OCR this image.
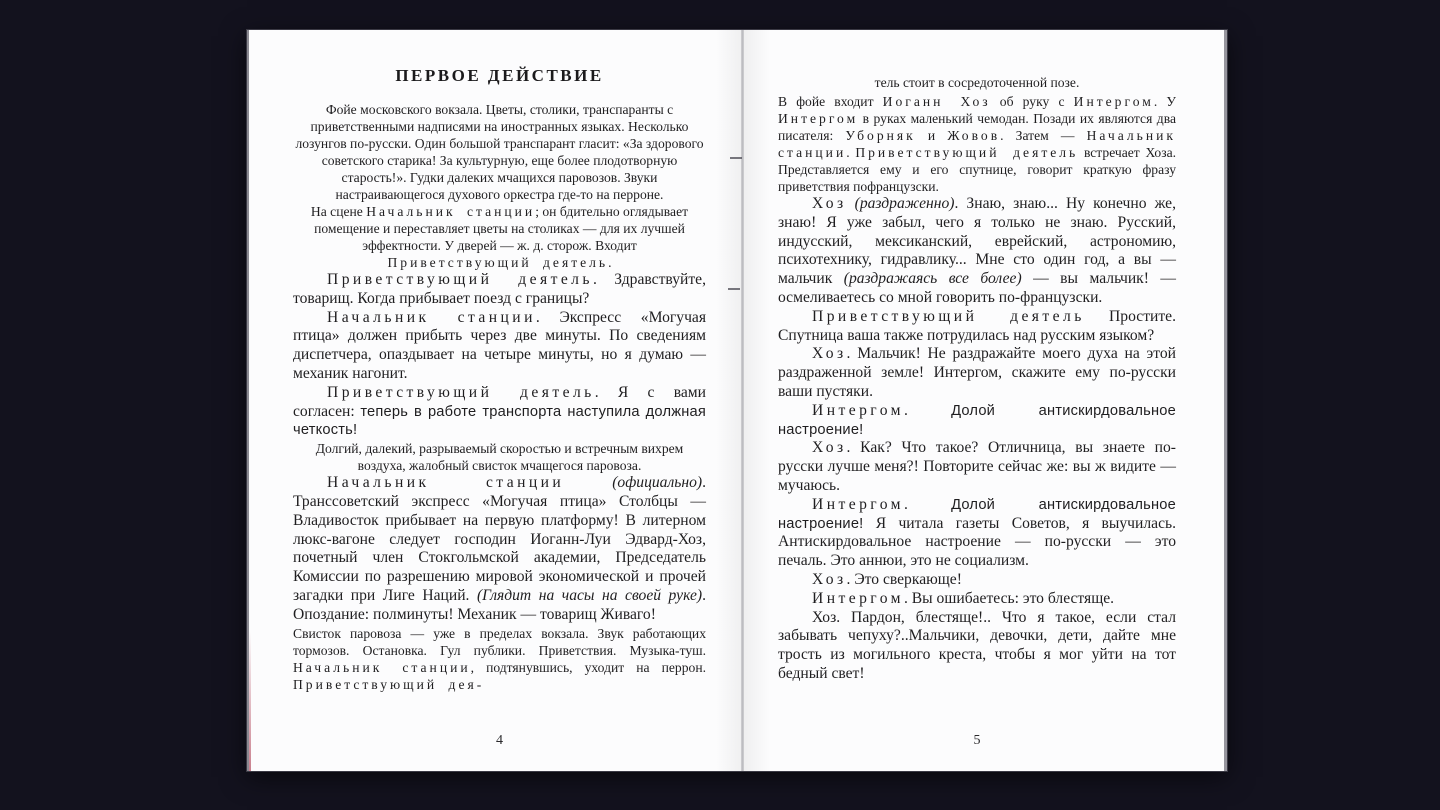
ПЕРВОЕ ДЕЙСТВИЕ

Фойе московского вокзала. Цветы, столики, транспаранты с приветственными надписями на иностранных языках. Несколько лозунгов по-русски. Один большой транспарант гласит: «За здорового советского старика! За культурную, еще более плодотворную старость!». Гудки далеких мчащихся паровозов. Звуки настраивающегося духового оркестра где-то на перроне.

На сцене Начальник станции; он бдительно оглядывает помещение и переставляет цветы на столиках — для их лучшей эффектности. У дверей — ж. д. сторож. Входит Приветствующий деятель.

Приветствующий деятель. Здравствуйте, товарищ. Когда прибывает поезд с границы?

Начальник станции. Экспресс «Могучая птица» должен прибыть через две минуты. По сведениям диспетчера, опаздывает на четыре минуты, но я думаю — механик нагонит.

Приветствующий деятель. Я с вами согласен: теперь в работе транспорта наступила должная четкость!

Долгий, далекий, разрываемый скоростью и встречным вихрем воздуха, жалобный свисток мчащегося паровоза.

Начальник станции	(официально). Транссоветский экспресс «Могучая птица» Столбцы — Владивосток прибывает на первую платформу! В литерном люкс-вагоне следует господин Иоганн-Луи Эдвард-Хоз, почетный член Стокгольмской академии, Председатель Комиссии по разрешению мировой экономической и прочей загадки при Лиге Наций. (Глядит на часы на своей руке). Опоздание: полминуты! Механик — товарищ Живаго!

Свисток паровоза — уже в пределах вокзала. Звук работающих тормозов. Остановка. Гул публики. Приветствия. Музыка-туш. Начальник станции, подтянувшись, уходит на перрон. Приветствующий дея-

4

тель стоит в сосредоточенной позе.

В фойе входит Иоганн Хоз об руку с Интергом. У Интергом в руках маленький чемодан. Позади их являются два писателя: Уборняк и Жовов. Затем — Начальник станции. Приветствующий деятель встречает Хоза. Представляется ему и его спутнице, говорит краткую фразу приветствия пофранцузски.

Хоз (раздраженно). Знаю, знаю... Ну конечно же, знаю! Я уже забыл, чего я только не знаю. Русский, индусский, мексиканский, еврейский, астрономию, психотехнику, гидравлику... Мне сто один год, а вы — мальчик (раздражаясь все более) — вы мальчик! — осмеливаетесь со мной говорить по-французски.

Приветствующий деятель Простите. Спутница ваша также потрудилась над русским языком?

Хоз. Мальчик! Не раздражайте моего духа на этой раздраженной земле! Интергом, скажите ему по-русски ваши пустяки.

Интергом. Долой антискирдовальное настроение!

Хоз. Как? Что такое? Отличница, вы знаете по-русски лучше меня?! Повторите сейчас же: вы ж видите — мучаюсь.

Интергом. Долой антискирдовальное настроение! Я читала газеты Советов, я выучилась. Антискирдовальное настроение — по-русски — это печаль. Это аннюи, это не социализм.

Хоз. Это сверкающе!

Интергом. Вы ошибаетесь: это блестяще.

Хоз. Пардон, блестяще!.. Что я такое, если стал забывать чепуху?..Мальчики, девочки, дети, дайте мне трость из могильного креста, чтобы я мог уйти на тот бедный свет!

5
